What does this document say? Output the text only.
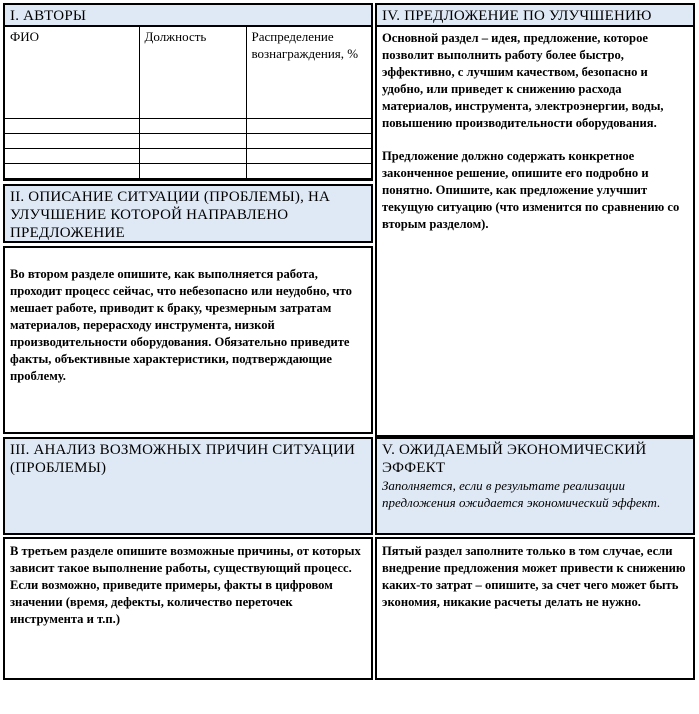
I. АВТОРЫ
ФИО	Должность	Распределение вознаграждения, %

II. ОПИСАНИЕ СИТУАЦИИ (ПРОБЛЕМЫ), НА УЛУЧШЕНИЕ КОТОРОЙ НАПРАВЛЕНО ПРЕДЛОЖЕНИЕ

Во втором разделе опишите, как выполняется работа, проходит процесс сейчас, что небезопасно или неудобно, что мешает работе, приводит к браку, чрезмерным затратам материалов, перерасходу инструмента, низкой производительности оборудования. Обязательно приведите факты, объективные характеристики, подтверждающие проблему.

IV. ПРЕДЛОЖЕНИЕ ПО УЛУЧШЕНИЮ

Основной раздел – идея, предложение, которое позволит выполнить работу более быстро, эффективно, с лучшим качеством, безопасно и удобно, или приведет к снижению расхода материалов, инструмента, электроэнергии, воды, повышению производительности оборудования.

Предложение должно содержать конкретное законченное решение, опишите его подробно и понятно. Опишите, как предложение улучшит текущую ситуацию (что изменится по сравнению со вторым разделом).

III. АНАЛИЗ ВОЗМОЖНЫХ ПРИЧИН СИТУАЦИИ (ПРОБЛЕМЫ)

В третьем разделе опишите возможные причины, от которых зависит такое выполнение работы, существующий процесс. Если возможно, приведите примеры, факты в цифровом значении (время, дефекты, количество переточек инструмента и т.п.)

V. ОЖИДАЕМЫЙ ЭКОНОМИЧЕСКИЙ ЭФФЕКТ
Заполняется, если в результате реализации предложения ожидается экономический эффект.

Пятый раздел заполните только в том случае, если внедрение предложения может привести к снижению каких-то затрат – опишите, за счет чего может быть экономия, никакие расчеты делать не нужно.
